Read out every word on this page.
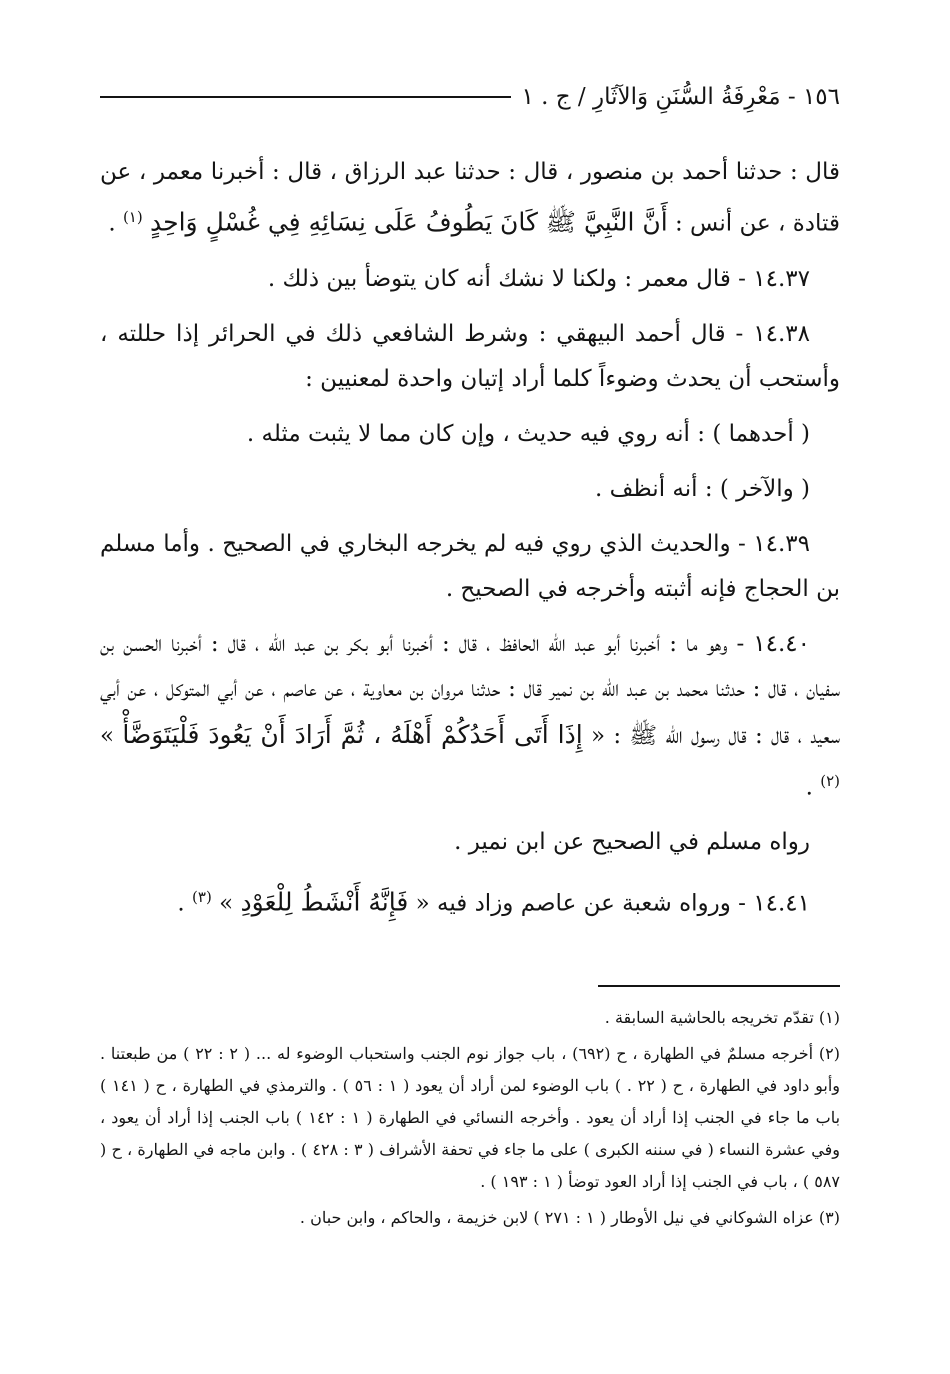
١٥٦ - مَعْرِفَةُ السُّنَنِ وَالآثَارِ / ج . ١

قال : حدثنا أحمد بن منصور ، قال : حدثنا عبد الرزاق ، قال : أخبرنا معمر ، عن قتادة ، عن أنس : أَنَّ النَّبِيَّ ﷺ كَانَ يَطُوفُ عَلَى نِسَائِهِ فِي غُسْلٍ وَاحِدٍ $^{(١)}$ .

١٤.٣٧ - قال معمر : ولكنا لا نشك أنه كان يتوضأ بين ذلك .

١٤.٣٨ - قال أحمد البيهقي : وشرط الشافعي ذلك في الحرائر إذا حللته ، وأستحب أن يحدث وضوءاً كلما أراد إتيان واحدة لمعنيين :

( أحدهما ) : أنه روي فيه حديث ، وإن كان مما لا يثبت مثله .

( والآخر ) : أنه أنظف .

١٤.٣٩ - والحديث الذي روي فيه لم يخرجه البخاري في الصحيح . وأما مسلم بن الحجاج فإنه أثبته وأخرجه في الصحيح .

١٤.٤٠ - وهو ما : أخبرنا أبو عبد الله الحافظ ، قال : أخبرنا أبو بكر بن عبد الله ، قال : أخبرنا الحسن بن سفيان ، قال : حدثنا محمد بن عبد الله بن نمير قال : حدثنا مروان بن معاوية ، عن عاصم ، عن أبي المتوكل ، عن أبي سعيد ، قال : قال رسول الله ﷺ : « إِذَا أَتَى أَحَدُكُمْ أَهْلَهُ ، ثُمَّ أَرَادَ أَنْ يَعُودَ فَلْيَتَوَضَّأْ » $^{(٢)}$ .

رواه مسلم في الصحيح عن ابن نمير .

١٤.٤١ - ورواه شعبة عن عاصم وزاد فيه « فَإِنَّهُ أَنْشَطُ لِلْعَوْدِ » $^{(٣)}$ .

(١) تقدّم تخريجه بالحاشية السابقة .

(٢) أخرجه مسلمٌ في الطهارة ، ح (٦٩٢) ، باب جواز نوم الجنب واستحباب الوضوء له ... ( ٢ : ٢٢ ) من طبعتنا . وأبو داود في الطهارة ، ح ( ٢٢ . ) باب الوضوء لمن أراد أن يعود ( ١ : ٥٦ ) . والترمذي في الطهارة ، ح ( ١٤١ ) باب ما جاء في الجنب إذا أراد أن يعود . وأخرجه النسائي في الطهارة ( ١ : ١٤٢ ) باب الجنب إذا أراد أن يعود ، وفي عشرة النساء ( في سننه الكبرى ) على ما جاء في تحفة الأشراف ( ٣ : ٤٢٨ ) . وابن ماجه في الطهارة ، ح ( ٥٨٧ ) ، باب في الجنب إذا أراد العود توضأ ( ١ : ١٩٣ ) .

(٣) عزاه الشوكاني في نيل الأوطار ( ١ : ٢٧١ ) لابن خزيمة ، والحاكم ، وابن حبان .
